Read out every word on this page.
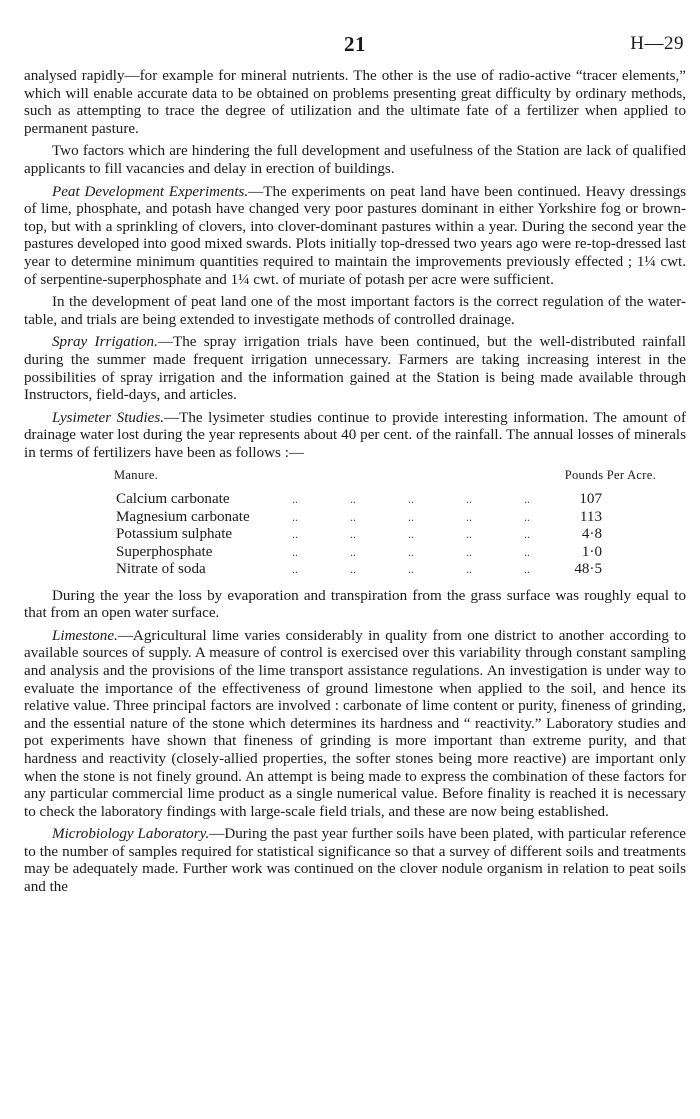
21	H—29

analysed rapidly—for example for mineral nutrients. The other is the use of radio-active “tracer elements,” which will enable accurate data to be obtained on problems presenting great difficulty by ordinary methods, such as attempting to trace the degree of utilization and the ultimate fate of a fertilizer when applied to permanent pasture.

Two factors which are hindering the full development and usefulness of the Station are lack of qualified applicants to fill vacancies and delay in erection of buildings.

Peat Development Experiments.—The experiments on peat land have been continued. Heavy dressings of lime, phosphate, and potash have changed very poor pastures dominant in either Yorkshire fog or brown-top, but with a sprinkling of clovers, into clover-dominant pastures within a year. During the second year the pastures developed into good mixed swards. Plots initially top-dressed two years ago were re-top-dressed last year to determine minimum quantities required to maintain the improvements previously effected ; 1¼ cwt. of serpentine-superphosphate and 1¼ cwt. of muriate of potash per acre were sufficient.

In the development of peat land one of the most important factors is the correct regulation of the water-table, and trials are being extended to investigate methods of controlled drainage.

Spray Irrigation.—The spray irrigation trials have been continued, but the well-distributed rainfall during the summer made frequent irrigation unnecessary. Farmers are taking increasing interest in the possibilities of spray irrigation and the information gained at the Station is being made available through Instructors, field-days, and articles.

Lysimeter Studies.—The lysimeter studies continue to provide interesting information. The amount of drainage water lost during the year represents about 40 per cent. of the rainfall. The annual losses of minerals in terms of fertilizers have been as follows :—

Manure.	Pounds Per Acre.
Calcium carbonate	..	..	..	..	..	107
Magnesium carbonate	..	..	..	..	..	113
Potassium sulphate	..	..	..	..	..	4·8
Superphosphate	..	..	..	..	..	1·0
Nitrate of soda	..	..	..	..	..	48·5

During the year the loss by evaporation and transpiration from the grass surface was roughly equal to that from an open water surface.

Limestone.—Agricultural lime varies considerably in quality from one district to another according to available sources of supply. A measure of control is exercised over this variability through constant sampling and analysis and the provisions of the lime transport assistance regulations. An investigation is under way to evaluate the importance of the effectiveness of ground limestone when applied to the soil, and hence its relative value. Three principal factors are involved : carbonate of lime content or purity, fineness of grinding, and the essential nature of the stone which determines its hardness and “ reactivity.” Laboratory studies and pot experiments have shown that fineness of grinding is more important than extreme purity, and that hardness and reactivity (closely-allied properties, the softer stones being more reactive) are important only when the stone is not finely ground. An attempt is being made to express the combination of these factors for any particular commercial lime product as a single numerical value. Before finality is reached it is necessary to check the laboratory findings with large-scale field trials, and these are now being established.

Microbiology Laboratory.—During the past year further soils have been plated, with particular reference to the number of samples required for statistical significance so that a survey of different soils and treatments may be adequately made. Further work was continued on the clover nodule organism in relation to peat soils and the
